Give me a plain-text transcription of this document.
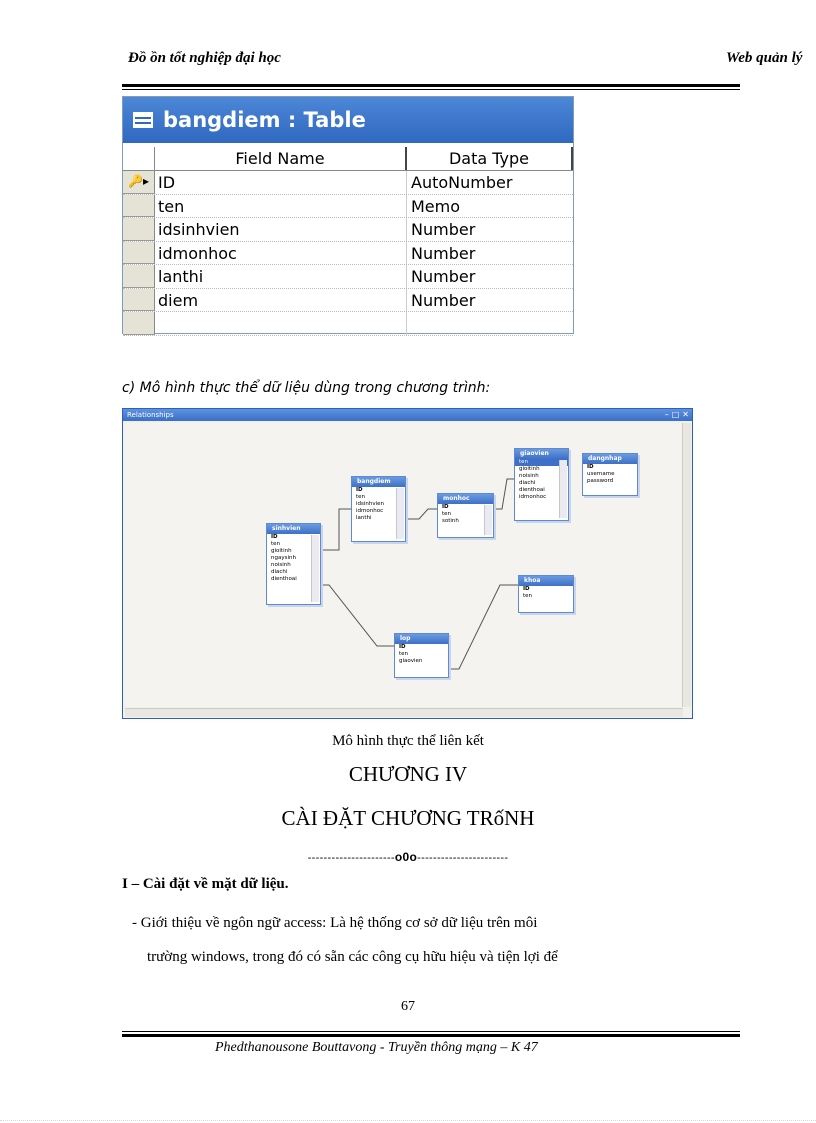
Đồ ồn tốt nghiệp đại học	Web quản lý
bangdiem : Table
Field Name	Data Type
🔑▸ ID	AutoNumber
ten	Memo
idsinhvien	Number
idmonhoc	Number
lanthi	Number
diem	Number
c) Mô hình thực thể dữ liệu dùng trong chương trình:
Relationships	– □ ✕
sinhvien
ID
ten
gioitinh
ngaysinh
noisinh
diachi
dienthoai
bangdiem
ID
ten
idsinhvien
idmonhoc
lanthi
monhoc
ID
ten
sotinh
giaovien
ten
gioitinh
noisinh
diachi
dienthoai
idmonhoc
dangnhap
ID
username
password
khoa
ID
ten
lop
ID
ten
giaovien
Mô hình thực thể liên kết
CHƯƠNG IV
CÀI ĐẶT CHƯƠNG TRốNH
----------------------o0o-----------------------
I – Cài đặt về mặt dữ liệu.
- Giới thiệu về ngôn ngữ access: Là hệ thống cơ sở dữ liệu trên môi
trường windows, trong đó có sẵn các công cụ hữu hiệu và tiện lợi để
67
Phedthanousone Bouttavong - Truyền thông mạng – K 47
